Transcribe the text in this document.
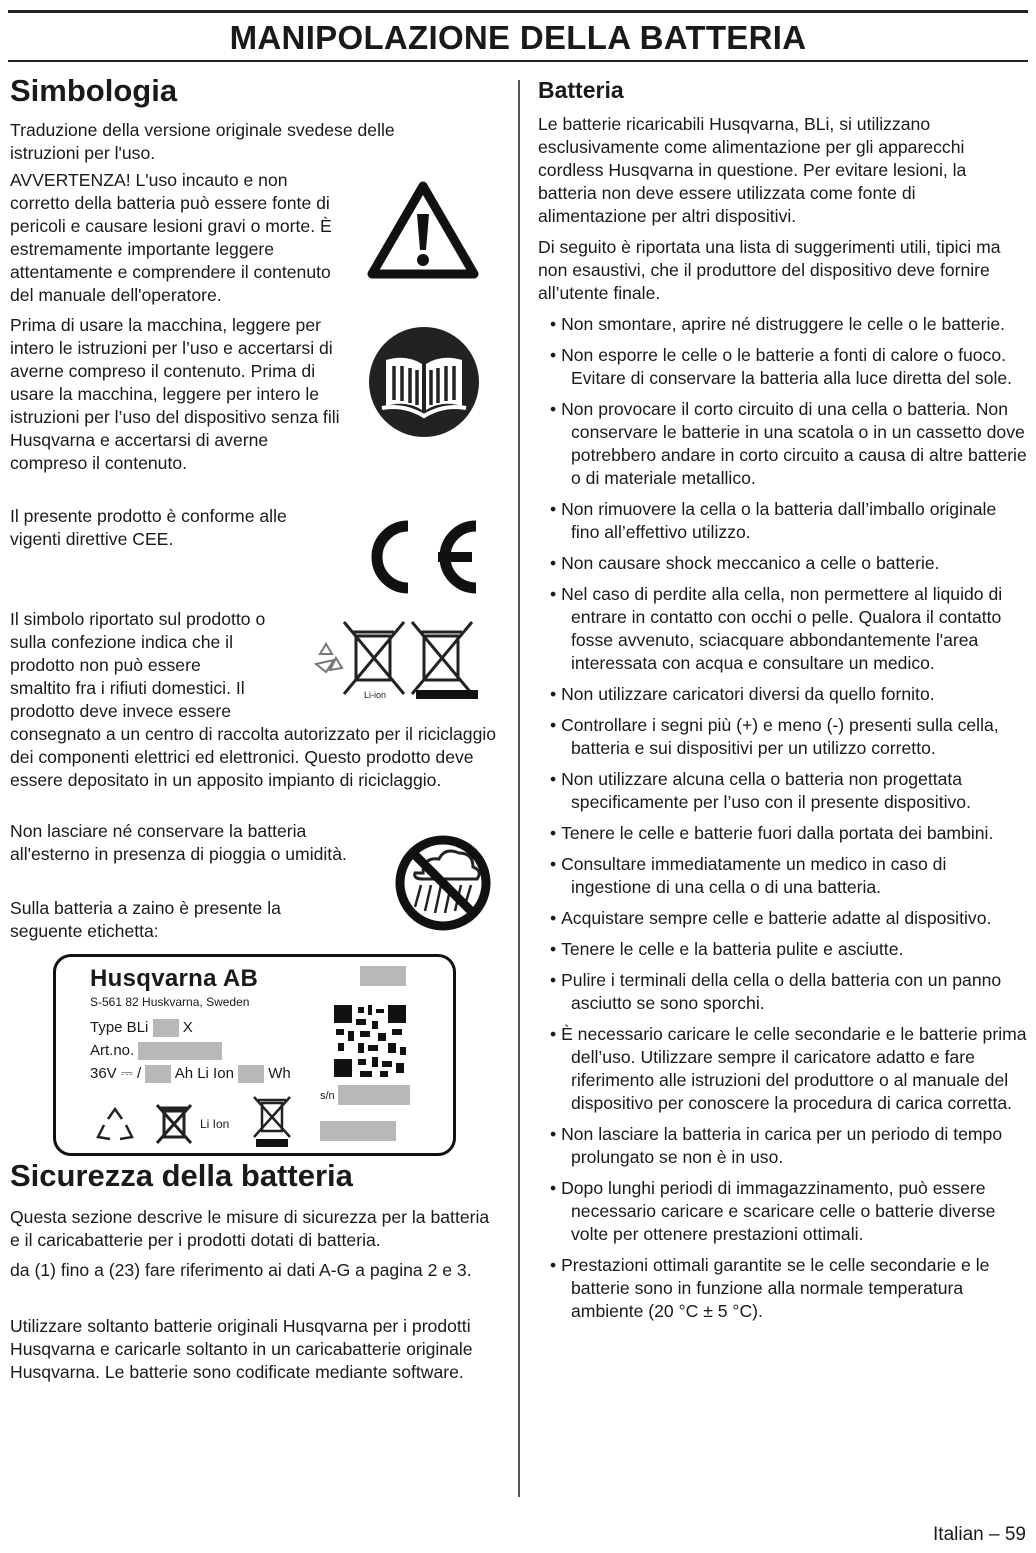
MANIPOLAZIONE DELLA BATTERIA
Simbologia

Traduzione della versione originale svedese delle istruzioni per l'uso.

AVVERTENZA! L'uso incauto e non corretto della batteria può essere fonte di pericoli e causare lesioni gravi o morte. È estremamente importante leggere attentamente e comprendere il contenuto del manuale dell'operatore.

Prima di usare la macchina, leggere per intero le istruzioni per l’uso e accertarsi di averne compreso il contenuto. Prima di usare la macchina, leggere per intero le istruzioni per l’uso del dispositivo senza fili Husqvarna e accertarsi di averne compreso il contenuto.

Il presente prodotto è conforme alle vigenti direttive CEE.

Il simbolo riportato sul prodotto o

sulla confezione indica che il

prodotto non può essere

smaltito fra i rifiuti domestici. Il

prodotto deve invece essere

consegnato a un centro di raccolta autorizzato per il riciclaggio dei componenti elettrici ed elettronici. Questo prodotto deve essere depositato in un apposito impianto di riciclaggio.

Non lasciare né conservare la batteria all'esterno in presenza di pioggia o umidità.

Sulla batteria a zaino è presente la seguente etichetta:

Sicurezza della batteria

Questa sezione descrive le misure di sicurezza per la batteria e il caricabatterie per i prodotti dotati di batteria.

da (1) fino a (23) fare riferimento ai dati A-G a pagina 2 e 3.

Utilizzare soltanto batterie originali Husqvarna per i prodotti Husqvarna e caricarle soltanto in un caricabatterie originale Husqvarna. Le batterie sono codificate mediante software.

Li-ion
Husqvarna AB
S-561 82 Huskvarna, Sweden
Type BLi X
Art.no.
36V ⎓ /  Ah Li Ion Wh
s/n
Li Ion
Batteria

Le batterie ricaricabili Husqvarna, BLi, si utilizzano esclusivamente come alimentazione per gli apparecchi cordless Husqvarna in questione. Per evitare lesioni, la batteria non deve essere utilizzata come fonte di alimentazione per altri dispositivi.

Di seguito è riportata una lista di suggerimenti utili, tipici ma non esaustivi, che il produttore del dispositivo deve fornire all’utente finale.

• Non smontare, aprire né distruggere le celle o le batterie.
• Non esporre le celle o le batterie a fonti di calore o fuoco. Evitare di conservare la batteria alla luce diretta del sole.
• Non provocare il corto circuito di una cella o batteria. Non conservare le batterie in una scatola o in un cassetto dove potrebbero andare in corto circuito a causa di altre batterie o di materiale metallico.
• Non rimuovere la cella o la batteria dall’imballo originale fino all’effettivo utilizzo.
• Non causare shock meccanico a celle o batterie.
• Nel caso di perdite alla cella, non permettere al liquido di entrare in contatto con occhi o pelle. Qualora il contatto fosse avvenuto, sciacquare abbondantemente l'area interessata con acqua e consultare un medico.
• Non utilizzare caricatori diversi da quello fornito.
• Controllare i segni più (+) e meno (-) presenti sulla cella, batteria e sui dispositivi per un utilizzo corretto.
• Non utilizzare alcuna cella o batteria non progettata specificamente per l’uso con il presente dispositivo.
• Tenere le celle e batterie fuori dalla portata dei bambini.
• Consultare immediatamente un medico in caso di ingestione di una cella o di una batteria.
• Acquistare sempre celle e batterie adatte al dispositivo.
• Tenere le celle e la batteria pulite e asciutte.
• Pulire i terminali della cella o della batteria con un panno asciutto se sono sporchi.
• È necessario caricare le celle secondarie e le batterie prima dell’uso. Utilizzare sempre il caricatore adatto e fare riferimento alle istruzioni del produttore o al manuale del dispositivo per conoscere la procedura di carica corretta.
• Non lasciare la batteria in carica per un periodo di tempo prolungato se non è in uso.
• Dopo lunghi periodi di immagazzinamento, può essere necessario caricare e scaricare celle o batterie diverse volte per ottenere prestazioni ottimali.
• Prestazioni ottimali garantite se le celle secondarie e le batterie sono in funzione alla normale temperatura ambiente (20 °C ± 5 °C).
Italian – 59
